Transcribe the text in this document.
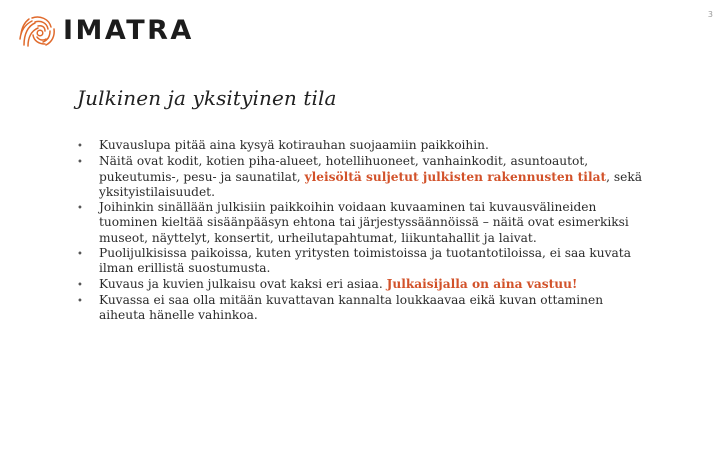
IMATRA
3
Julkinen ja yksityinen tila
•	Kuvauslupa pitää aina kysyä kotirauhan suojaamiin paikkoihin.
•	Näitä ovat kodit, kotien piha-alueet, hotellihuoneet, vanhainkodit, asuntoautot, pukeutumis-, pesu- ja saunatilat, yleisöltä suljetut julkisten rakennusten tilat, sekä yksityistilaisuudet.
•	Joihinkin sinällään julkisiin paikkoihin voidaan kuvaaminen tai kuvausvälineiden tuominen kieltää sisäänpääsyn ehtona tai järjestyssäännöissä – näitä ovat esimerkiksi museot, näyttelyt, konsertit, urheilutapahtumat, liikuntahallit ja laivat.
•	Puolijulkisissa paikoissa, kuten yritysten toimistoissa ja tuotantotiloissa, ei saa kuvata ilman erillistä suostumusta.
•	Kuvaus ja kuvien julkaisu ovat kaksi eri asiaa. Julkaisijalla on aina vastuu!
•	Kuvassa ei saa olla mitään kuvattavan kannalta loukkaavaa eikä kuvan ottaminen aiheuta hänelle vahinkoa.
